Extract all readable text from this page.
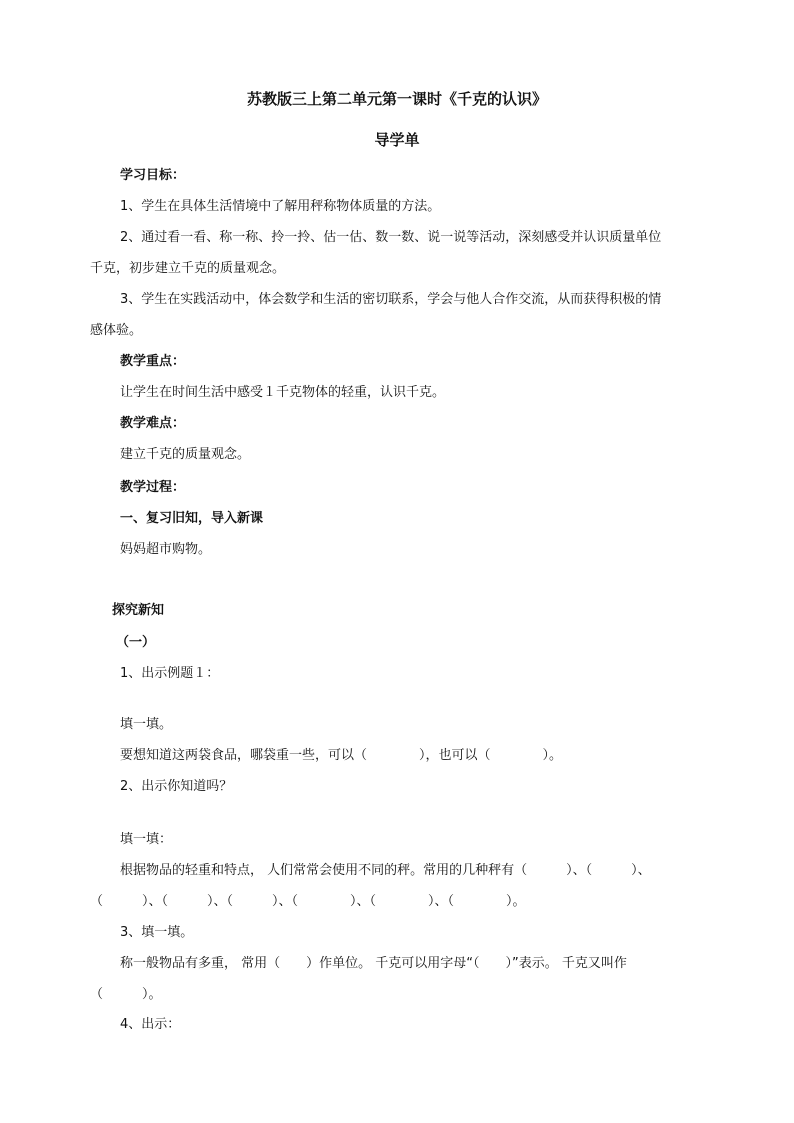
苏教版三上第二单元第一课时《千克的认识》
导学单
学习目标：
1、学生在具体生活情境中了解用秤称物体质量的方法。
2、通过看一看、称一称、拎一拎、估一估、数一数、说一说等活动，深刻感受并认识质量单位
千克，初步建立千克的质量观念。
3、学生在实践活动中，体会数学和生活的密切联系，学会与他人合作交流，从而获得积极的情
感体验。
教学重点：
让学生在时间生活中感受１千克物体的轻重，认识千克。
教学难点：
建立千克的质量观念。
教学过程：
一、复习旧知，导入新课
妈妈超市购物。
探究新知
（一）
1、出示例题１：
填一填。
要想知道这两袋食品，哪袋重一些，可以（　　　　），也可以（　　　　）。
2、出示你知道吗？
填一填：
根据物品的轻重和特点， 人们常常会使用不同的秤。常用的几种秤有（　　　）、（　　　）、
（　　　）、（　　　）、（　　　）、（　　　　）、（　　　　）、（　　　　）。
3、填一填。
称一般物品有多重， 常用（　　）作单位。 千克可以用字母“（　　）”表示。 千克又叫作
（　　　）。
4、出示：
